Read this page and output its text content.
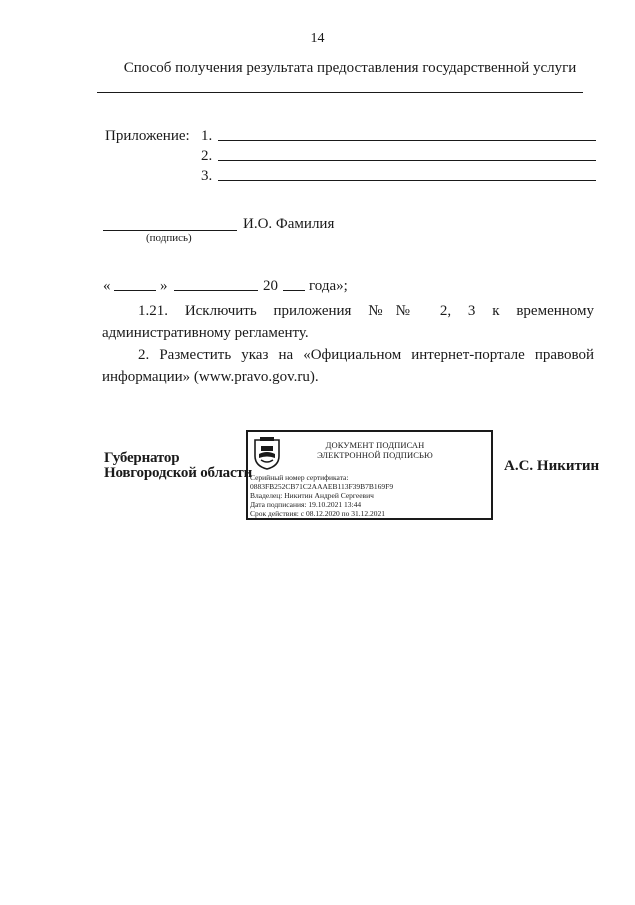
14
Способ получения результата предоставления государственной услуги
Приложение: 1.
2.
3.
И.О. Фамилия
(подпись)
«	»	20 года»;
1.21. Исключить приложения №№ 2, 3 к временному административному регламенту.
2. Разместить указ на «Официальном интернет-портале правовой информации» (www.pravo.gov.ru).
Губернатор
Новгородской области
ДОКУМЕНТ ПОДПИСАН
ЭЛЕКТРОННОЙ ПОДПИСЬЮ
Серийный номер сертификата:
0883FB252CB71C2AAAEB113F39B7B169F9
Владелец: Никитин Андрей Сергеевич
Дата подписания: 19.10.2021 13:44
Срок действия: с 08.12.2020 по 31.12.2021
А.С. Никитин
